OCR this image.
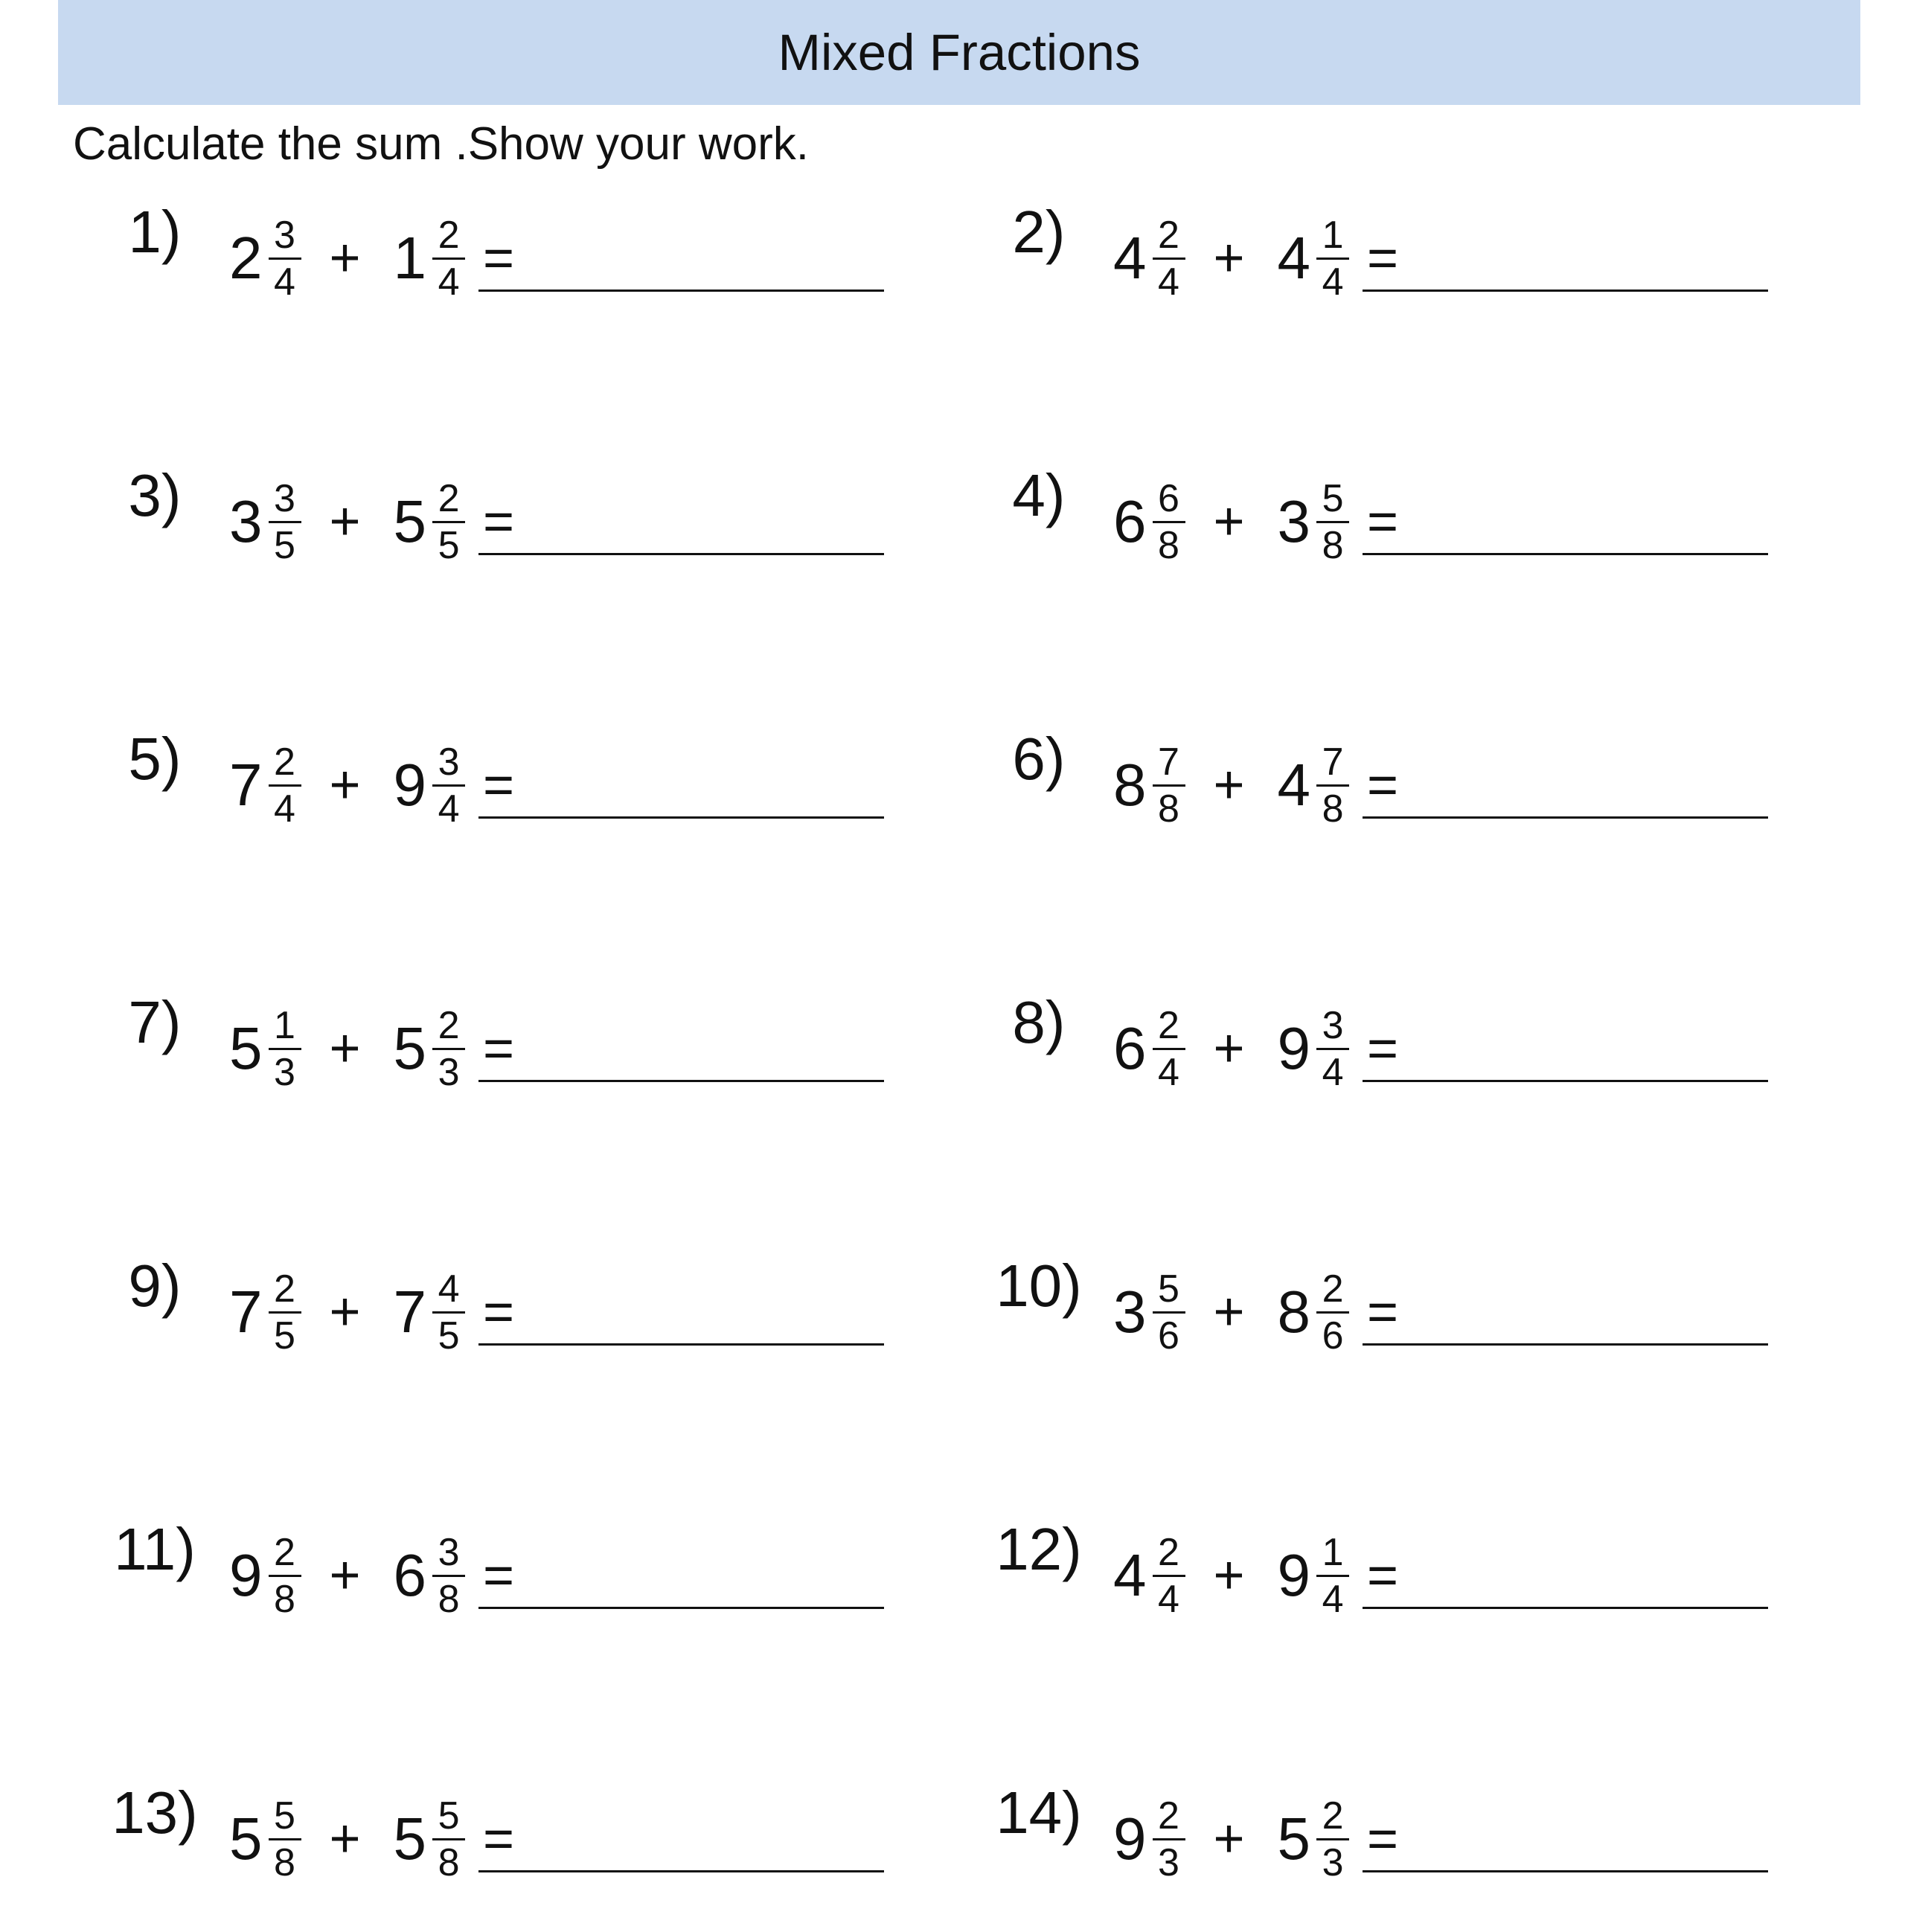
Mixed Fractions
Calculate the sum .Show your work.
1) $2 \frac{3}{4} + 1 \frac{2}{4}$ =	2) $4 \frac{2}{4} + 4 \frac{1}{4}$ =
3) $3 \frac{3}{5} + 5 \frac{2}{5}$ =	4) $6 \frac{6}{8} + 3 \frac{5}{8}$ =
5) $7 \frac{2}{4} + 9 \frac{3}{4}$ =	6) $8 \frac{7}{8} + 4 \frac{7}{8}$ =
7) $5 \frac{1}{3} + 5 \frac{2}{3}$ =	8) $6 \frac{2}{4} + 9 \frac{3}{4}$ =
9) $7 \frac{2}{5} + 7 \frac{4}{5}$ =	10) $3 \frac{5}{6} + 8 \frac{2}{6}$ =
11) $9 \frac{2}{8} + 6 \frac{3}{8}$ =	12) $4 \frac{2}{4} + 9 \frac{1}{4}$ =
13) $5 \frac{5}{8} + 5 \frac{5}{8}$ =	14) $9 \frac{2}{3} + 5 \frac{2}{3}$ =
